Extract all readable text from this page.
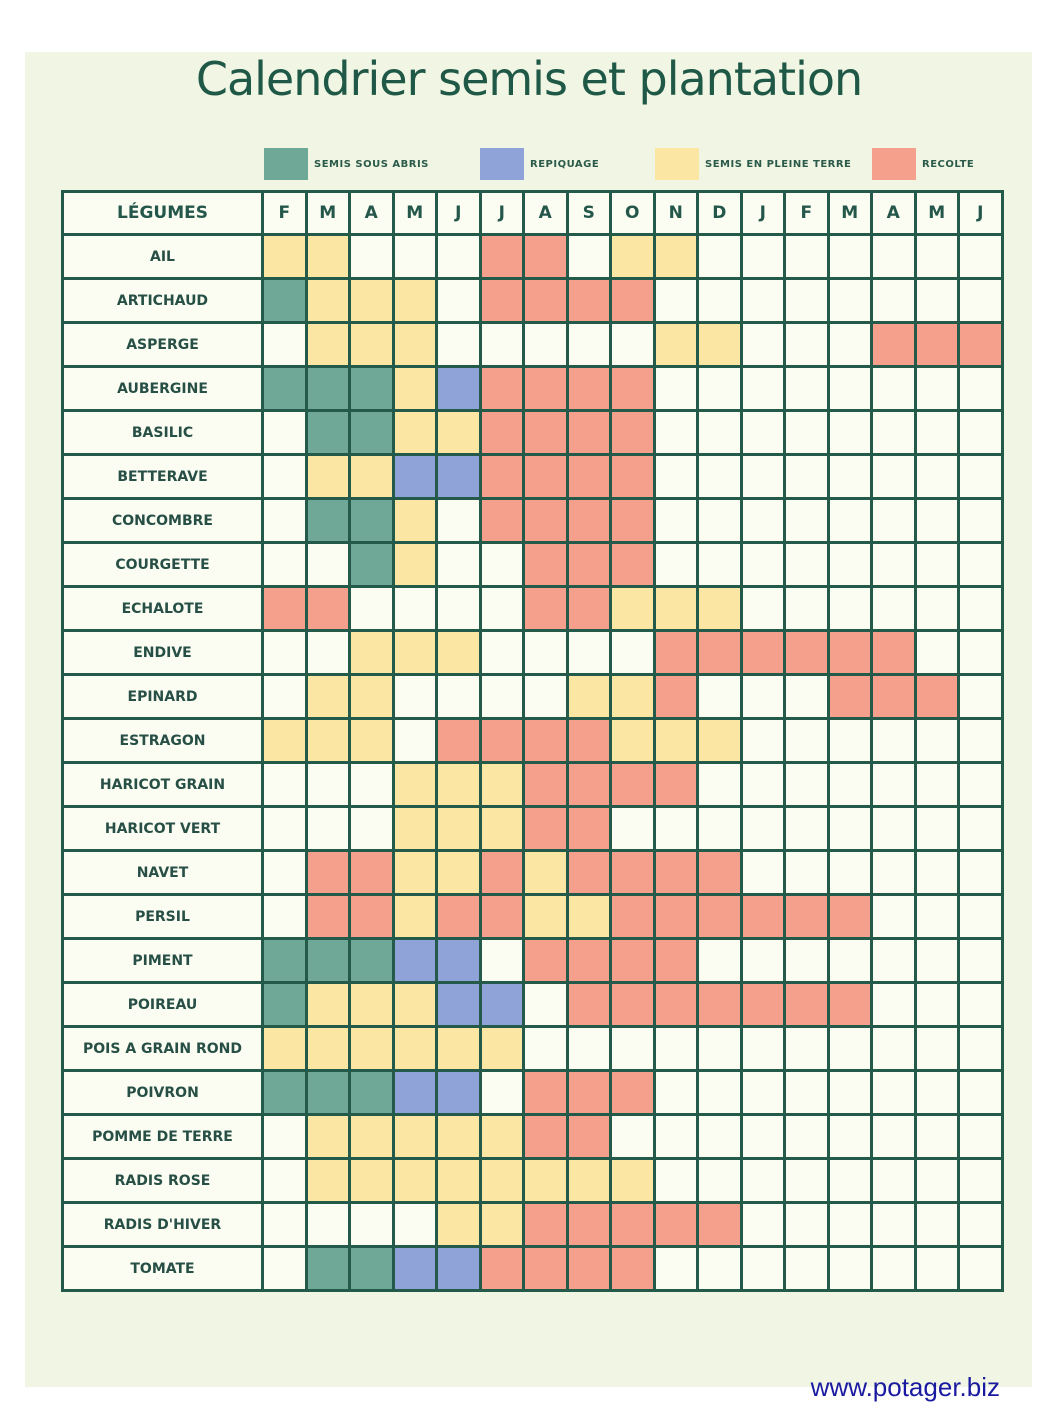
Calendrier semis et plantation
SEMIS SOUS ABRIS	REPIQUAGE	SEMIS EN PLEINE TERRE	RECOLTE
LÉGUMES	F	M	A	M	J	J	A	S	O	N	D	J	F	M	A	M	J
AIL																	
ARTICHAUD																	
ASPERGE																	
AUBERGINE																	
BASILIC																	
BETTERAVE																	
CONCOMBRE																	
COURGETTE																	
ECHALOTE																	
ENDIVE																	
EPINARD																	
ESTRAGON																	
HARICOT GRAIN																	
HARICOT VERT																	
NAVET																	
PERSIL																	
PIMENT																	
POIREAU																	
POIS A GRAIN ROND																	
POIVRON																	
POMME DE TERRE																	
RADIS ROSE																	
RADIS D'HIVER																	
TOMATE																	
www.potager.biz
